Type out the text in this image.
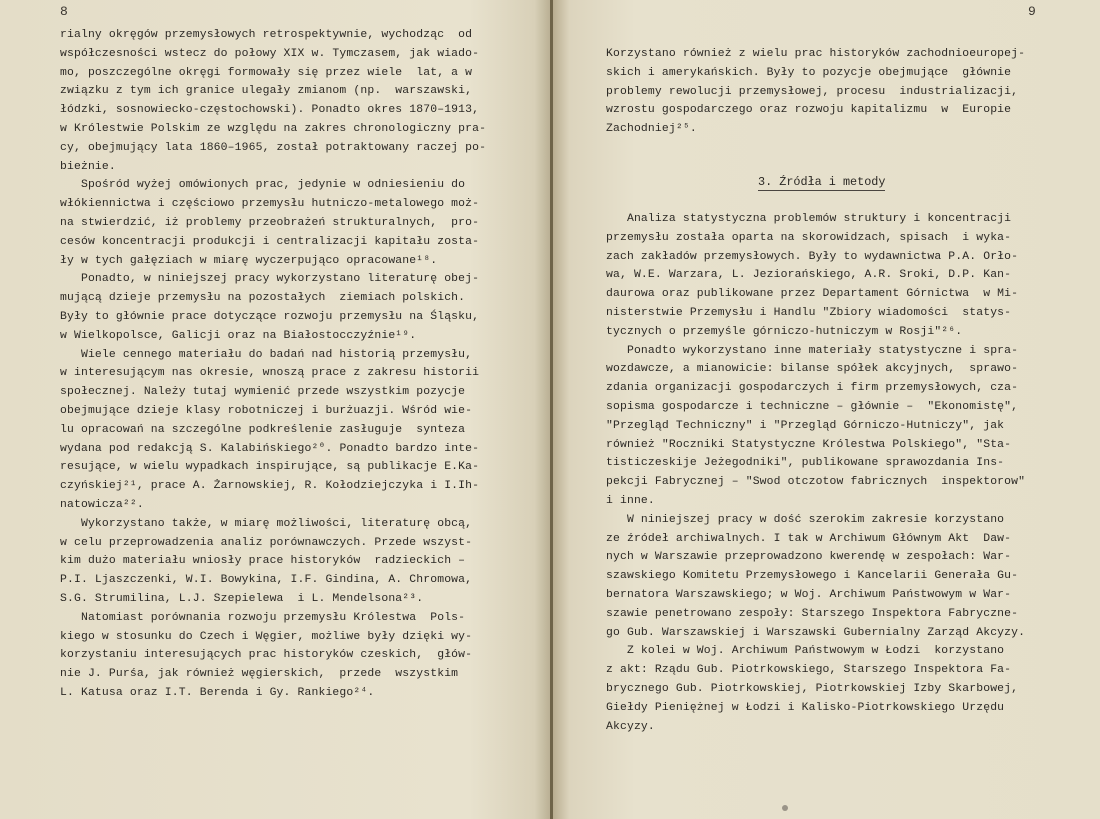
8	9
rialny okręgów przemysłowych retrospektywnie, wychodząc  od
współczesności wstecz do połowy XIX w. Tymczasem, jak wiado-
mo, poszczególne okręgi formowały się przez wiele  lat, a w
związku z tym ich granice ulegały zmianom (np.  warszawski,
łódzki, sosnowiecko-częstochowski). Ponadto okres 1870–1913,
w Królestwie Polskim ze względu na zakres chronologiczny pra-
cy, obejmujący lata 1860–1965, został potraktowany raczej po-
bieżnie.
Spośród wyżej omówionych prac, jedynie w odniesieniu do
włókiennictwa i częściowo przemysłu hutniczo-metalowego moż-
na stwierdzić, iż problemy przeobrażeń strukturalnych,  pro-
cesów koncentracji produkcji i centralizacji kapitału zosta-
ły w tych gałęziach w miarę wyczerpująco opracowane¹⁸.
Ponadto, w niniejszej pracy wykorzystano literaturę obej-
mującą dzieje przemysłu na pozostałych  ziemiach polskich.
Były to głównie prace dotyczące rozwoju przemysłu na Śląsku,
w Wielkopolsce, Galicji oraz na Białostocczyźnie¹⁹.
Wiele cennego materiału do badań nad historią przemysłu,
w interesującym nas okresie, wnoszą prace z zakresu historii
społecznej. Należy tutaj wymienić przede wszystkim pozycje
obejmujące dzieje klasy robotniczej i burżuazji. Wśród wie-
lu opracowań na szczególne podkreślenie zasługuje  synteza
wydana pod redakcją S. Kalabińskiego²⁰. Ponadto bardzo inte-
resujące, w wielu wypadkach inspirujące, są publikacje E.Ka-
czyńskiej²¹, prace A. Żarnowskiej, R. Kołodziejczyka i I.Ih-
natowicza²².
Wykorzystano także, w miarę możliwości, literaturę obcą,
w celu przeprowadzenia analiz porównawczych. Przede wszyst-
kim dużo materiału wniosły prace historyków  radzieckich –
P.I. Ljaszczenki, W.I. Bowykina, I.F. Gindina, A. Chromowa,
S.G. Strumilina, L.J. Szepielewa  i L. Mendelsona²³.
Natomiast porównania rozwoju przemysłu Królestwa  Pols-
kiego w stosunku do Czech i Węgier, możliwe były dzięki wy-
korzystaniu interesujących prac historyków czeskich,  głów-
nie J. Purśa, jak również węgierskich,  przede  wszystkim
L. Katusa oraz I.T. Berenda i Gy. Rankiego²⁴.
Korzystano również z wielu prac historyków zachodnioeuropej-
skich i amerykańskich. Były to pozycje obejmujące  głównie
problemy rewolucji przemysłowej, procesu  industrializacji,
wzrostu gospodarczego oraz rozwoju kapitalizmu  w  Europie
Zachodniej²⁵.
3. Źródła i metody
Analiza statystyczna problemów struktury i koncentracji
przemysłu została oparta na skorowidzach, spisach  i wyka-
zach zakładów przemysłowych. Były to wydawnictwa P.A. Orło-
wa, W.E. Warzara, L. Jeziorańskiego, A.R. Sroki, D.P. Kan-
daurowa oraz publikowane przez Departament Górnictwa  w Mi-
nisterstwie Przemysłu i Handlu "Zbiory wiadomości  statys-
tycznych o przemyśle górniczo-hutniczym w Rosji"²⁶.
Ponadto wykorzystano inne materiały statystyczne i spra-
wozdawcze, a mianowicie: bilanse spółek akcyjnych,  sprawo-
zdania organizacji gospodarczych i firm przemysłowych, cza-
sopisma gospodarcze i techniczne – głównie –  "Ekonomistę",
"Przegląd Techniczny" i "Przegląd Górniczo-Hutniczy", jak
również "Roczniki Statystyczne Królestwa Polskiego", "Sta-
tisticzeskije Jeżegodniki", publikowane sprawozdania Ins-
pekcji Fabrycznej – "Swod otczotow fabricznych  inspektorow"
i inne.
W niniejszej pracy w dość szerokim zakresie korzystano
ze źródeł archiwalnych. I tak w Archiwum Głównym Akt  Daw-
nych w Warszawie przeprowadzono kwerendę w zespołach: War-
szawskiego Komitetu Przemysłowego i Kancelarii Generała Gu-
bernatora Warszawskiego; w Woj. Archiwum Państwowym w War-
szawie penetrowano zespoły: Starszego Inspektora Fabryczne-
go Gub. Warszawskiej i Warszawski Gubernialny Zarząd Akcyzy.
Z kolei w Woj. Archiwum Państwowym w Łodzi  korzystano
z akt: Rządu Gub. Piotrkowskiego, Starszego Inspektora Fa-
brycznego Gub. Piotrkowskiej, Piotrkowskiej Izby Skarbowej,
Giełdy Pieniężnej w Łodzi i Kalisko-Piotrkowskiego Urzędu
Akcyzy.
